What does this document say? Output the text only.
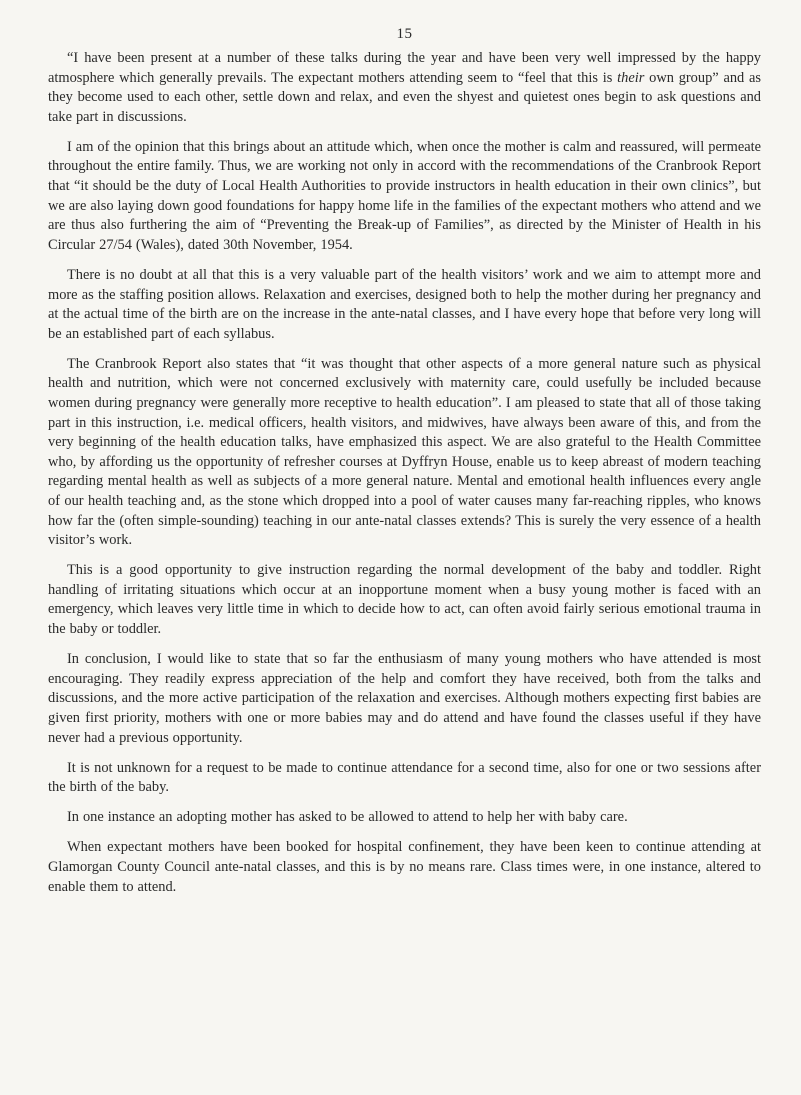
15

“I have been present at a number of these talks during the year and have been very well impressed by the happy atmosphere which generally prevails. The expectant mothers attending seem to “feel that this is their own group” and as they become used to each other, settle down and relax, and even the shyest and quietest ones begin to ask questions and take part in discussions.

I am of the opinion that this brings about an attitude which, when once the mother is calm and reassured, will permeate throughout the entire family. Thus, we are working not only in accord with the recommendations of the Cranbrook Report that “it should be the duty of Local Health Authorities to provide instructors in health education in their own clinics”, but we are also laying down good foundations for happy home life in the families of the expectant mothers who attend and we are thus also furthering the aim of “Preventing the Break-up of Families”, as directed by the Minister of Health in his Circular 27/54 (Wales), dated 30th November, 1954.

There is no doubt at all that this is a very valuable part of the health visitors’ work and we aim to attempt more and more as the staffing position allows. Relaxation and exercises, designed both to help the mother during her pregnancy and at the actual time of the birth are on the increase in the ante-natal classes, and I have every hope that before very long will be an established part of each syllabus.

The Cranbrook Report also states that “it was thought that other aspects of a more general nature such as physical health and nutrition, which were not concerned exclusively with maternity care, could usefully be included because women during pregnancy were generally more receptive to health education”. I am pleased to state that all of those taking part in this instruction, i.e. medical officers, health visitors, and midwives, have always been aware of this, and from the very beginning of the health education talks, have emphasized this aspect. We are also grateful to the Health Committee who, by affording us the opportunity of refresher courses at Dyffryn House, enable us to keep abreast of modern teaching regarding mental health as well as subjects of a more general nature. Mental and emotional health influences every angle of our health teaching and, as the stone which dropped into a pool of water causes many far-reaching ripples, who knows how far the (often simple-sounding) teaching in our ante-natal classes extends? This is surely the very essence of a health visitor’s work.

This is a good opportunity to give instruction regarding the normal development of the baby and toddler. Right handling of irritating situations which occur at an inopportune moment when a busy young mother is faced with an emergency, which leaves very little time in which to decide how to act, can often avoid fairly serious emotional trauma in the baby or toddler.

In conclusion, I would like to state that so far the enthusiasm of many young mothers who have attended is most encouraging. They readily express appreciation of the help and comfort they have received, both from the talks and discussions, and the more active participation of the relaxation and exercises. Although mothers expecting first babies are given first priority, mothers with one or more babies may and do attend and have found the classes useful if they have never had a previous opportunity.

It is not unknown for a request to be made to continue attendance for a second time, also for one or two sessions after the birth of the baby.

In one instance an adopting mother has asked to be allowed to attend to help her with baby care.

When expectant mothers have been booked for hospital confinement, they have been keen to continue attending at Glamorgan County Council ante-natal classes, and this is by no means rare. Class times were, in one instance, altered to enable them to attend.
